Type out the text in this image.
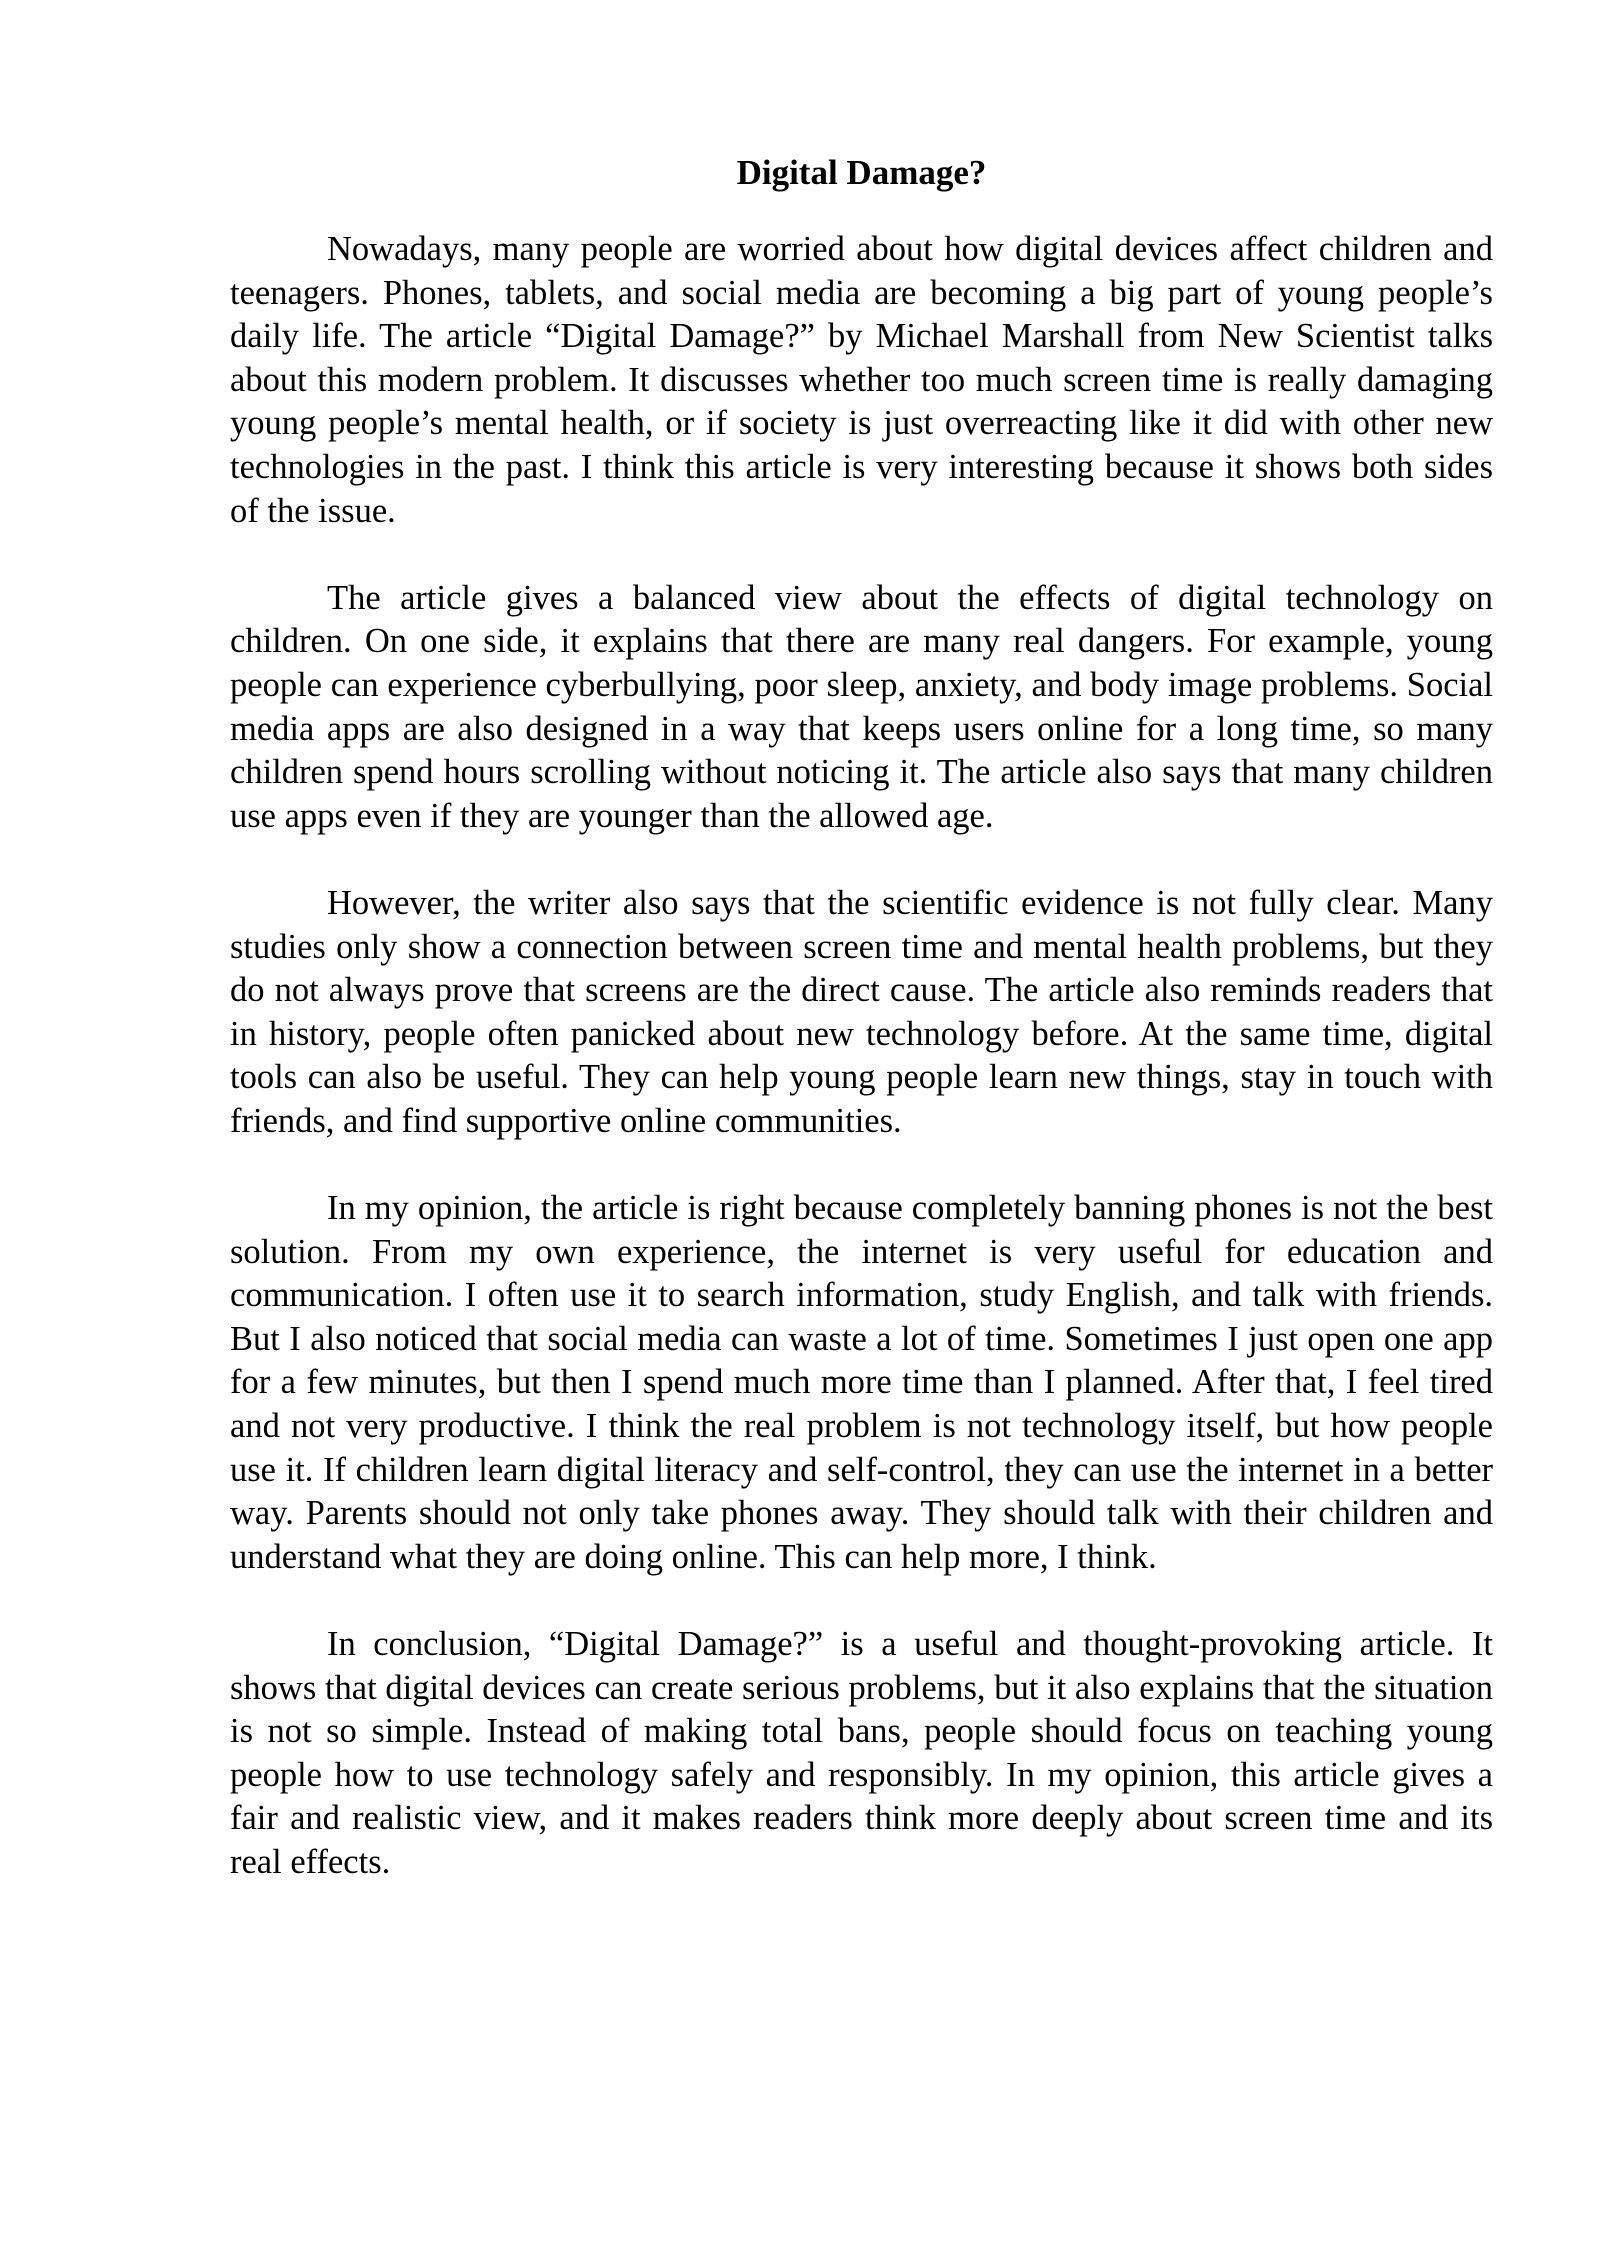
Digital Damage?

Nowadays, many people are worried about how digital devices affect children and teenagers. Phones, tablets, and social media are becoming a big part of young people’s daily life. The article “Digital Damage?” by Michael Marshall from New Scientist talks about this modern problem. It discusses whether too much screen time is really damaging young people’s mental health, or if society is just overreacting like it did with other new technologies in the past. I think this article is very interesting because it shows both sides of the issue.

The article gives a balanced view about the effects of digital technology on children. On one side, it explains that there are many real dangers. For example, young people can experience cyberbullying, poor sleep, anxiety, and body image problems. Social media apps are also designed in a way that keeps users online for a long time, so many children spend hours scrolling without noticing it. The article also says that many children use apps even if they are younger than the allowed age.

However, the writer also says that the scientific evidence is not fully clear. Many studies only show a connection between screen time and mental health problems, but they do not always prove that screens are the direct cause. The article also reminds readers that in history, people often panicked about new technology before. At the same time, digital tools can also be useful. They can help young people learn new things, stay in touch with friends, and find supportive online communities.

In my opinion, the article is right because completely banning phones is not the best solution. From my own experience, the internet is very useful for education and communication. I often use it to search information, study English, and talk with friends. But I also noticed that social media can waste a lot of time. Sometimes I just open one app for a few minutes, but then I spend much more time than I planned. After that, I feel tired and not very productive. I think the real problem is not technology itself, but how people use it. If children learn digital literacy and self-control, they can use the internet in a better way. Parents should not only take phones away. They should talk with their children and understand what they are doing online. This can help more, I think.

In conclusion, “Digital Damage?” is a useful and thought-provoking article. It shows that digital devices can create serious problems, but it also explains that the situation is not so simple. Instead of making total bans, people should focus on teaching young people how to use technology safely and responsibly. In my opinion, this article gives a fair and realistic view, and it makes readers think more deeply about screen time and its real effects.
